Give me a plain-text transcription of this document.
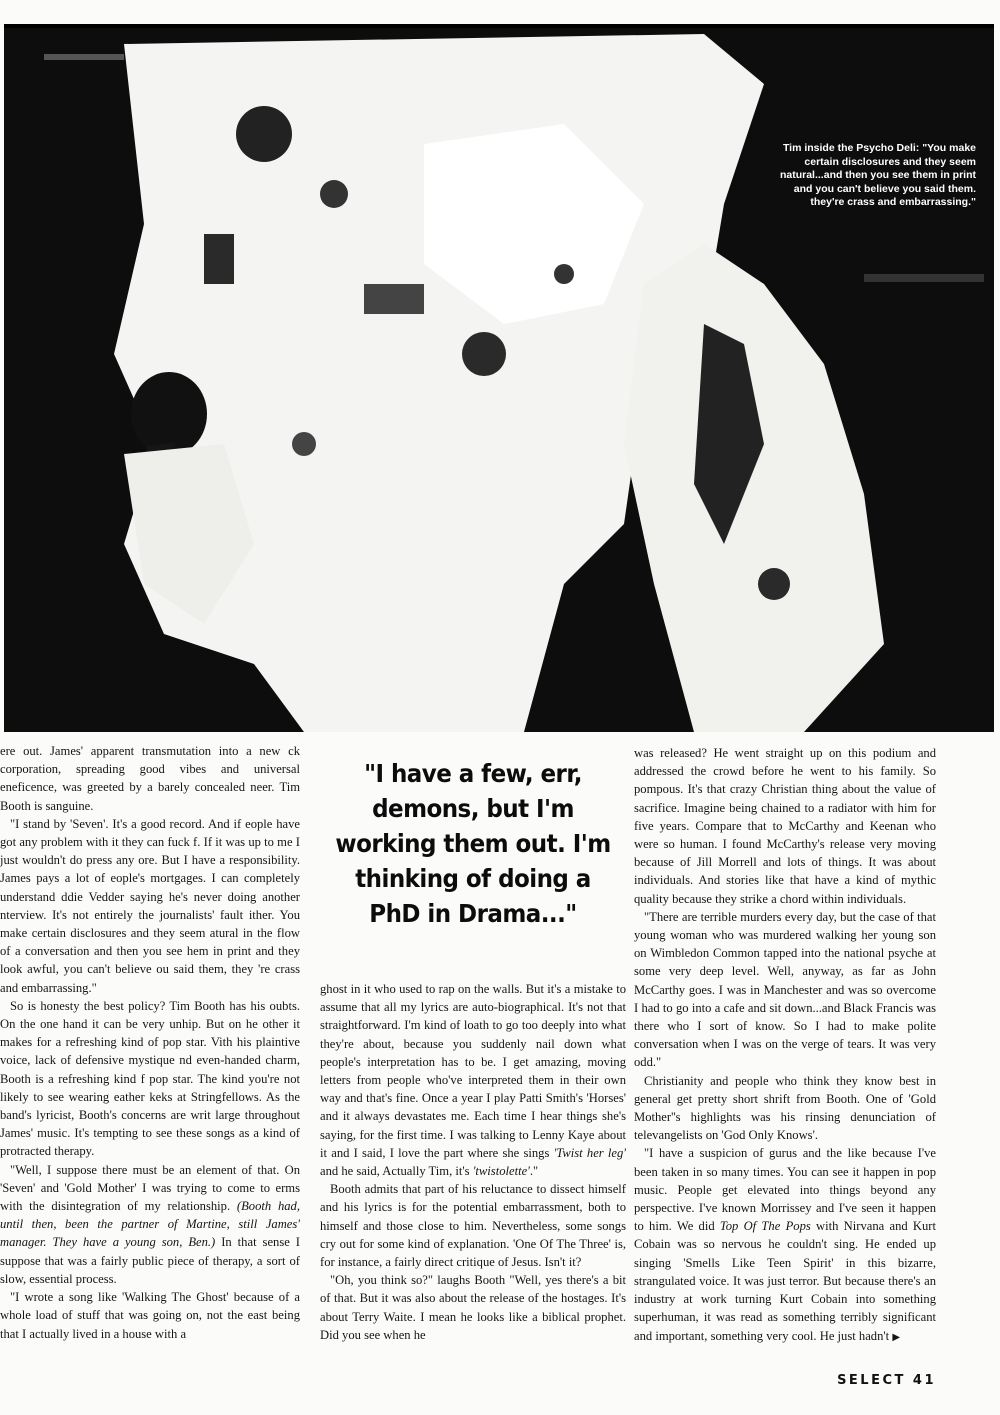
Tim inside the Psycho Deli: "You make certain disclosures and they seem natural...and then you see them in print and you can't believe you said them. they're crass and embarrassing."

ere out. James' apparent transmutation into a new ck corporation, spreading good vibes and universal eneficence, was greeted by a barely concealed neer. Tim Booth is sanguine.

"I stand by 'Seven'. It's a good record. And if eople have got any problem with it they can fuck f. If it was up to me I just wouldn't do press any ore. But I have a responsibility. James pays a lot of eople's mortgages. I can completely understand ddie Vedder saying he's never doing another nterview. It's not entirely the journalists' fault ither. You make certain disclosures and they seem atural in the flow of a conversation and then you see hem in print and they look awful, you can't believe ou said them, they 're crass and embarrassing."

So is honesty the best policy? Tim Booth has his oubts. On the one hand it can be very unhip. But on he other it makes for a refreshing kind of pop star. Vith his plaintive voice, lack of defensive mystique nd even-handed charm, Booth is a refreshing kind f pop star. The kind you're not likely to see wearing eather keks at Stringfellows. As the band's lyricist, Booth's concerns are writ large throughout James' music. It's tempting to see these songs as a kind of protracted therapy.

"Well, I suppose there must be an element of that. On 'Seven' and 'Gold Mother' I was trying to come to erms with the disintegration of my relationship. (Booth had, until then, been the partner of Martine, still James' manager. They have a young son, Ben.) In that sense I suppose that was a fairly public piece of therapy, a sort of slow, essential process.

"I wrote a song like 'Walking The Ghost' because of a whole load of stuff that was going on, not the east being that I actually lived in a house with a

"I have a few, err, demons, but I'm working them out. I'm thinking of doing a PhD in Drama..."

ghost in it who used to rap on the walls. But it's a mistake to assume that all my lyrics are auto-biographical. It's not that straightforward. I'm kind of loath to go too deeply into what they're about, because you suddenly nail down what people's interpretation has to be. I get amazing, moving letters from people who've interpreted them in their own way and that's fine. Once a year I play Patti Smith's 'Horses' and it always devastates me. Each time I hear things she's saying, for the first time. I was talking to Lenny Kaye about it and I said, I love the part where she sings 'Twist her leg' and he said, Actually Tim, it's 'twistolette'."

Booth admits that part of his reluctance to dissect himself and his lyrics is for the potential embarrassment, both to himself and those close to him. Nevertheless, some songs cry out for some kind of explanation. 'One Of The Three' is, for instance, a fairly direct critique of Jesus. Isn't it?

"Oh, you think so?" laughs Booth "Well, yes there's a bit of that. But it was also about the release of the hostages. It's about Terry Waite. I mean he looks like a biblical prophet. Did you see when he

was released? He went straight up on this podium and addressed the crowd before he went to his family. So pompous. It's that crazy Christian thing about the value of sacrifice. Imagine being chained to a radiator with him for five years. Compare that to McCarthy and Keenan who were so human. I found McCarthy's release very moving because of Jill Morrell and lots of things. It was about individuals. And stories like that have a kind of mythic quality because they strike a chord within individuals.

"There are terrible murders every day, but the case of that young woman who was murdered walking her young son on Wimbledon Common tapped into the national psyche at some very deep level. Well, anyway, as far as John McCarthy goes. I was in Manchester and was so overcome I had to go into a cafe and sit down...and Black Francis was there who I sort of know. So I had to make polite conversation when I was on the verge of tears. It was very odd."

Christianity and people who think they know best in general get pretty short shrift from Booth. One of 'Gold Mother''s highlights was his rinsing denunciation of televangelists on 'God Only Knows'.

"I have a suspicion of gurus and the like because I've been taken in so many times. You can see it happen in pop music. People get elevated into things beyond any perspective. I've known Morrissey and I've seen it happen to him. We did Top Of The Pops with Nirvana and Kurt Cobain was so nervous he couldn't sing. He ended up singing 'Smells Like Teen Spirit' in this bizarre, strangulated voice. It was just terror. But because there's an industry at work turning Kurt Cobain into something superhuman, it was read as something terribly significant and important, something very cool. He just hadn't ▶

SELECT 41
